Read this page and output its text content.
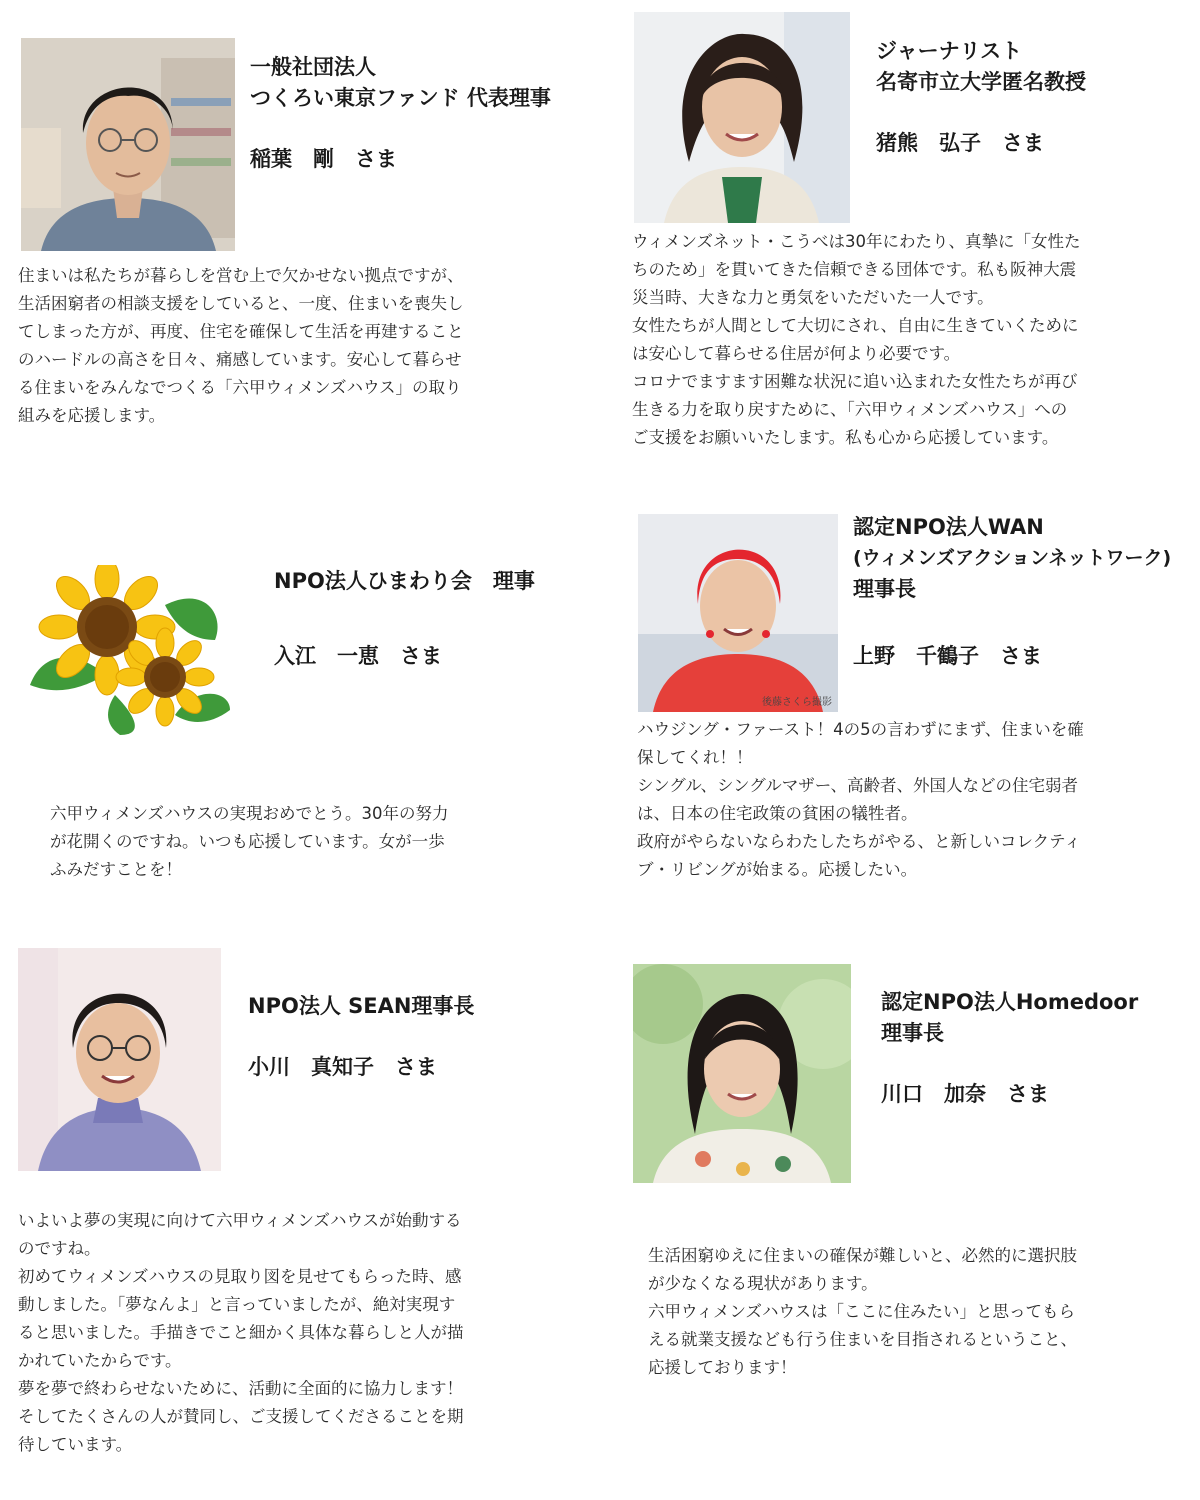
一般社団法人
つくろい東京ファンド 代表理事
稲葉　剛　さま
住まいは私たちが暮らしを営む上で欠かせない拠点ですが、
生活困窮者の相談支援をしていると、一度、住まいを喪失し
てしまった方が、再度、住宅を確保して生活を再建すること
のハードルの高さを日々、痛感しています。安心して暮らせ
る住まいをみんなでつくる「六甲ウィメンズハウス」の取り
組みを応援します。
ジャーナリスト
名寄市立大学匿名教授
猪熊　弘子　さま
ウィメンズネット・こうべは30年にわたり、真摯に「女性た
ちのため」を貫いてきた信頼できる団体です。私も阪神大震
災当時、大きな力と勇気をいただいた一人です。
女性たちが人間として大切にされ、自由に生きていくために
は安心して暮らせる住居が何より必要です。
コロナでますます困難な状況に追い込まれた女性たちが再び
生きる力を取り戻すために、「六甲ウィメンズハウス」への
ご支援をお願いいたします。私も心から応援しています。
NPO法人ひまわり会　理事
入江　一恵　さま
六甲ウィメンズハウスの実現おめでとう。30年の努力
が花開くのですね。いつも応援しています。女が一歩
ふみだすことを！
後藤さくら撮影
認定NPO法人WAN
(ウィメンズアクションネットワーク)
理事長
上野　千鶴子　さま
ハウジング・ファースト！4の5の言わずにまず、住まいを確
保してくれ！！
シングル、シングルマザー、高齢者、外国人などの住宅弱者
は、日本の住宅政策の貧困の犠牲者。
政府がやらないならわたしたちがやる、と新しいコレクティ
ブ・リビングが始まる。応援したい。
NPO法人 SEAN理事長
小川　真知子　さま
いよいよ夢の実現に向けて六甲ウィメンズハウスが始動する
のですね。
初めてウィメンズハウスの見取り図を見せてもらった時、感
動しました。「夢なんよ」と言っていましたが、絶対実現す
ると思いました。手描きでこと細かく具体な暮らしと人が描
かれていたからです。
夢を夢で終わらせないために、活動に全面的に協力します！
そしてたくさんの人が賛同し、ご支援してくださることを期
待しています。
認定NPO法人Homedoor
理事長
川口　加奈　さま
生活困窮ゆえに住まいの確保が難しいと、必然的に選択肢
が少なくなる現状があります。
六甲ウィメンズハウスは「ここに住みたい」と思ってもら
える就業支援なども行う住まいを目指されるということ、
応援しております！
